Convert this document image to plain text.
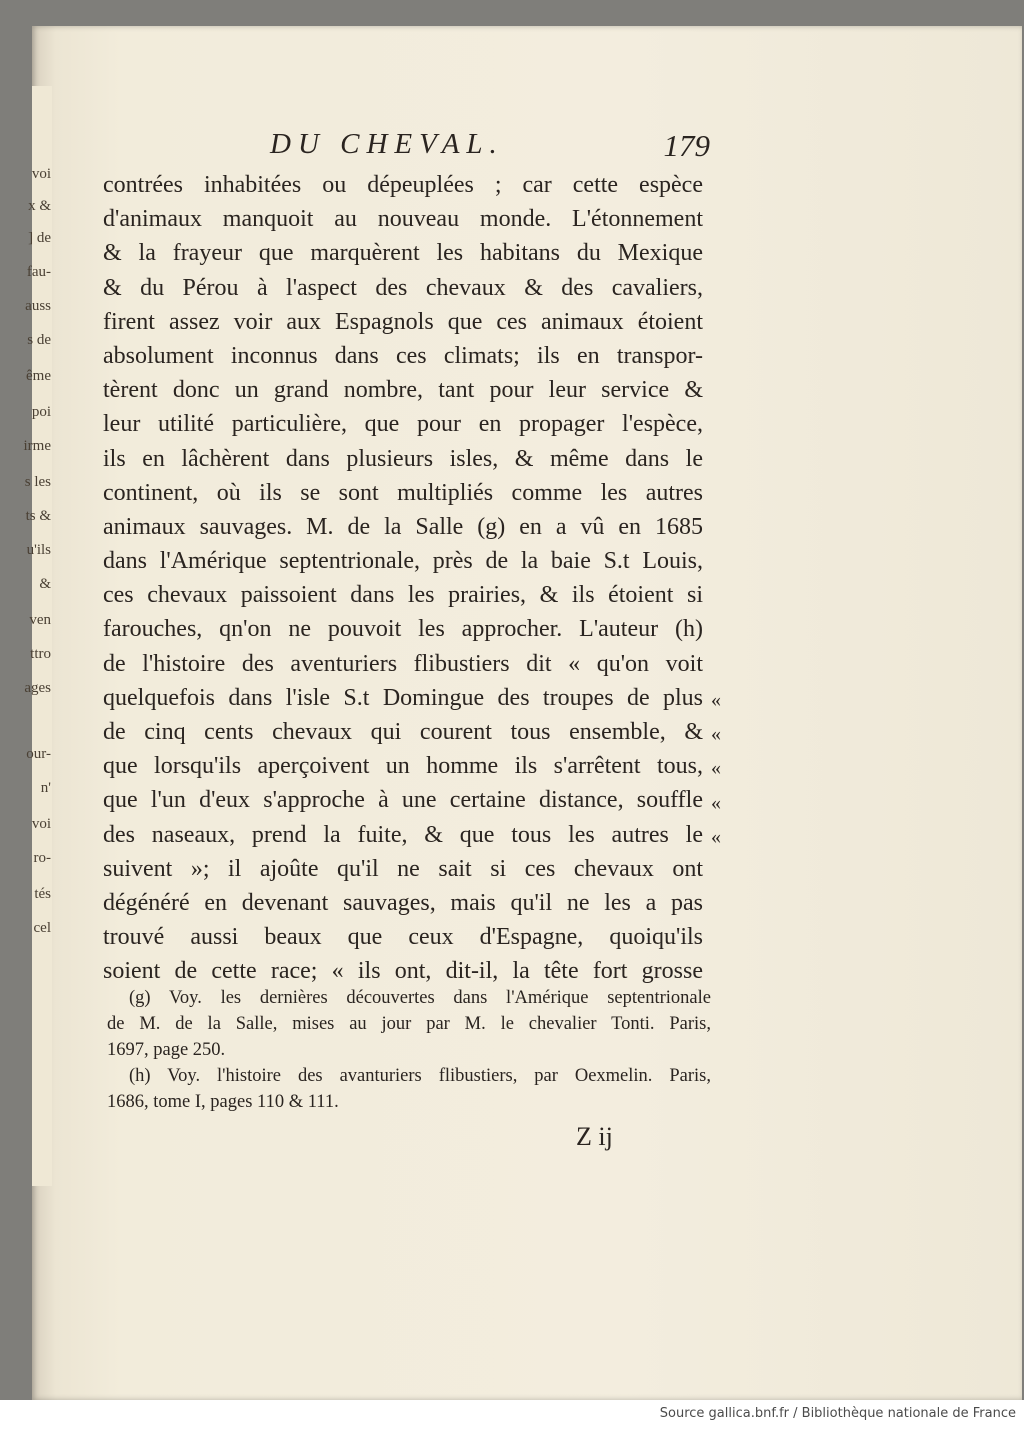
voi
x &
] de
fau-
auss
s de
ême
poi
irme
s les
ts &
u'ils
&
ven
ttro
ages
our-
n'
voi
ro-
tés
cel
DU CHEVAL.	179
contrées inhabitées ou dépeuplées ; car cette espèce
d'animaux manquoit au nouveau monde. L'étonnement
& la frayeur que marquèrent les habitans du Mexique
& du Pérou à l'aspect des chevaux & des cavaliers,
firent assez voir aux Espagnols que ces animaux étoient
absolument inconnus dans ces climats; ils en transpor-
tèrent donc un grand nombre, tant pour leur service &
leur utilité particulière, que pour en propager l'espèce,
ils en lâchèrent dans plusieurs isles, & même dans le
continent, où ils se sont multipliés comme les autres
animaux sauvages. M. de la Salle (g) en a vû en 1685
dans l'Amérique septentrionale, près de la baie S.t Louis,
ces chevaux paissoient dans les prairies, & ils étoient si
farouches, qn'on ne pouvoit les approcher. L'auteur (h)
de l'histoire des aventuriers flibustiers dit « qu'on voit
quelquefois dans l'isle S.t Domingue des troupes de plus
de cinq cents chevaux qui courent tous ensemble, &
que lorsqu'ils aperçoivent un homme ils s'arrêtent tous,
que l'un d'eux s'approche à une certaine distance, souffle
des naseaux, prend la fuite, & que tous les autres le
suivent »; il ajoûte qu'il ne sait si ces chevaux ont
dégénéré en devenant sauvages, mais qu'il ne les a pas
trouvé aussi beaux que ceux d'Espagne, quoiqu'ils
soient de cette race; « ils ont, dit-il, la tête fort grosse
«
«
«
«
«
(g) Voy. les dernières découvertes dans l'Amérique septentrionale
de M. de la Salle, mises au jour par M. le chevalier Tonti. Paris,
1697, page 250.
(h) Voy. l'histoire des avanturiers flibustiers, par Oexmelin. Paris,
1686, tome I, pages 110 & 111.
Z ij
Source gallica.bnf.fr / Bibliothèque nationale de France
